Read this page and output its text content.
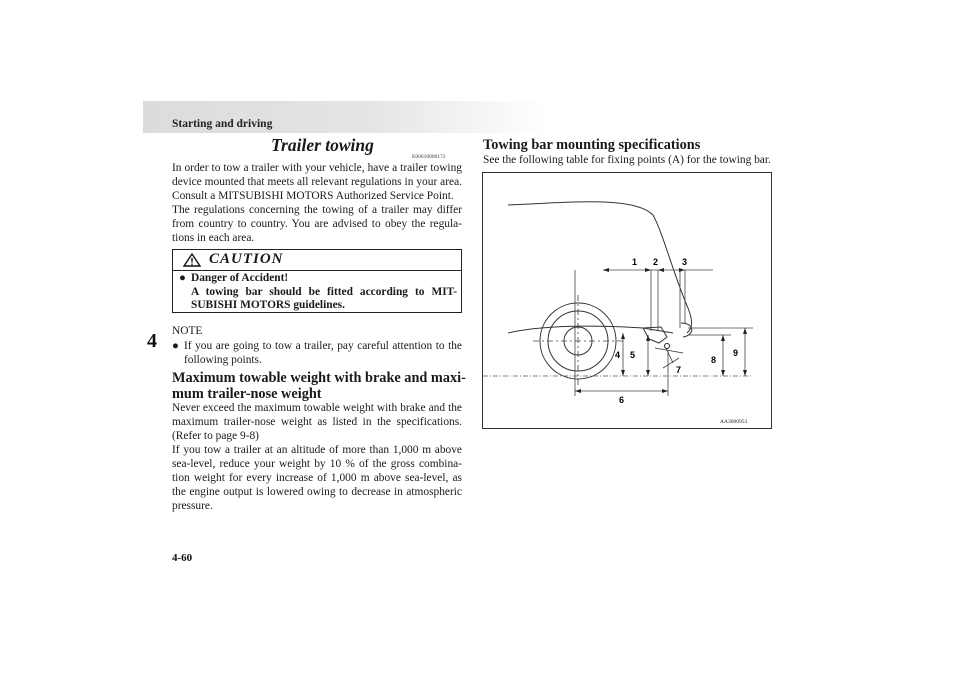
Starting and driving
4
4-60
Trailer towing
E00610000172

In order to tow a trailer with your vehicle, have a trailer towing device mounted that meets all relevant regulations in your area. Consult a MITSUBISHI MOTORS Authorized Service Point.

The regulations concerning the towing of a trailer may differ from country to country. You are advised to obey the regula-tions in each area.

CAUTION
● Danger of Accident!
A towing bar should be fitted according to MIT-SUBISHI MOTORS guidelines.
NOTE
● If you are going to tow a trailer, pay careful attention to the following points.
Maximum towable weight with brake and maxi-mum trailer-nose weight

Never exceed the maximum towable weight with brake and the maximum trailer-nose weight as listed in the specifications. (Refer to page 9-8)

If you tow a trailer at an altitude of more than 1,000 m above sea-level, reduce your weight by 10 % of the gross combina-tion weight for every increase of 1,000 m above sea-level, as the engine output is lowered owing to decrease in atmospheric pressure.

Towing bar mounting specifications

See the following table for fixing points (A) for the towing bar.

1 2	3
4 5
6
7
8
9
AA3000953
